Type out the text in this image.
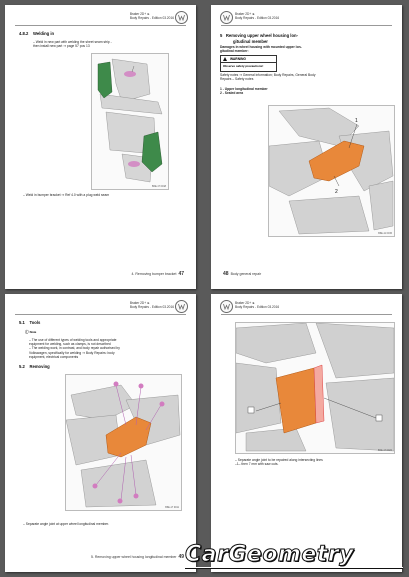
Braker 2D+ ►
Body Repairs - Edition 03.2016
4.8.2 Welding in
– Weld in new part with welding the sheet seam strip -
then install new part ⇒ page 57 pos 13
B6E-17 0018
– Weld in bumper bracket ⇒ Ref 4.0 with a plug weld seam
4. Removing bumper bracket 47
Braker 2D+ ►
Body Repairs - Edition 03.2016
5 Removing upper wheel housing lon-
gitudinal member
Damages in wheel housing with mounted upper lon-
gitudinal member:
WARNING
Observe safety precautions!
Safety notes ⇒ General information; Body Repairs, General Body
Repairs – Safety notes
1 - Upper longitudinal member
2 - Sealed area
1
2
B6E-11 0015
48 Body general repair
Braker 2D+ ►
Body Repairs - Edition 03.2016
5.1 Tools
ⓘ Note
– The use of different types of welding tools and appropriate
equipment for welding, such as clamps, is not described
– The welding work, in contrast, and body repair authorised by
Volkswagen, specifically for welding ⇒ Body Repairs: body
equipment, electrical components
5.2 Removing
B6E-17 0011
– Separate angle joint at upper wheel longitudinal member.
5. Removing upper wheel housing longitudinal member 49
Braker 2D+ ►
Body Repairs - Edition 03.2016
B6E-17 0022
– Separate angle joint to be repaired along intersecting lines
–1– then 7 mm with saw cuts.
CarGeometry
